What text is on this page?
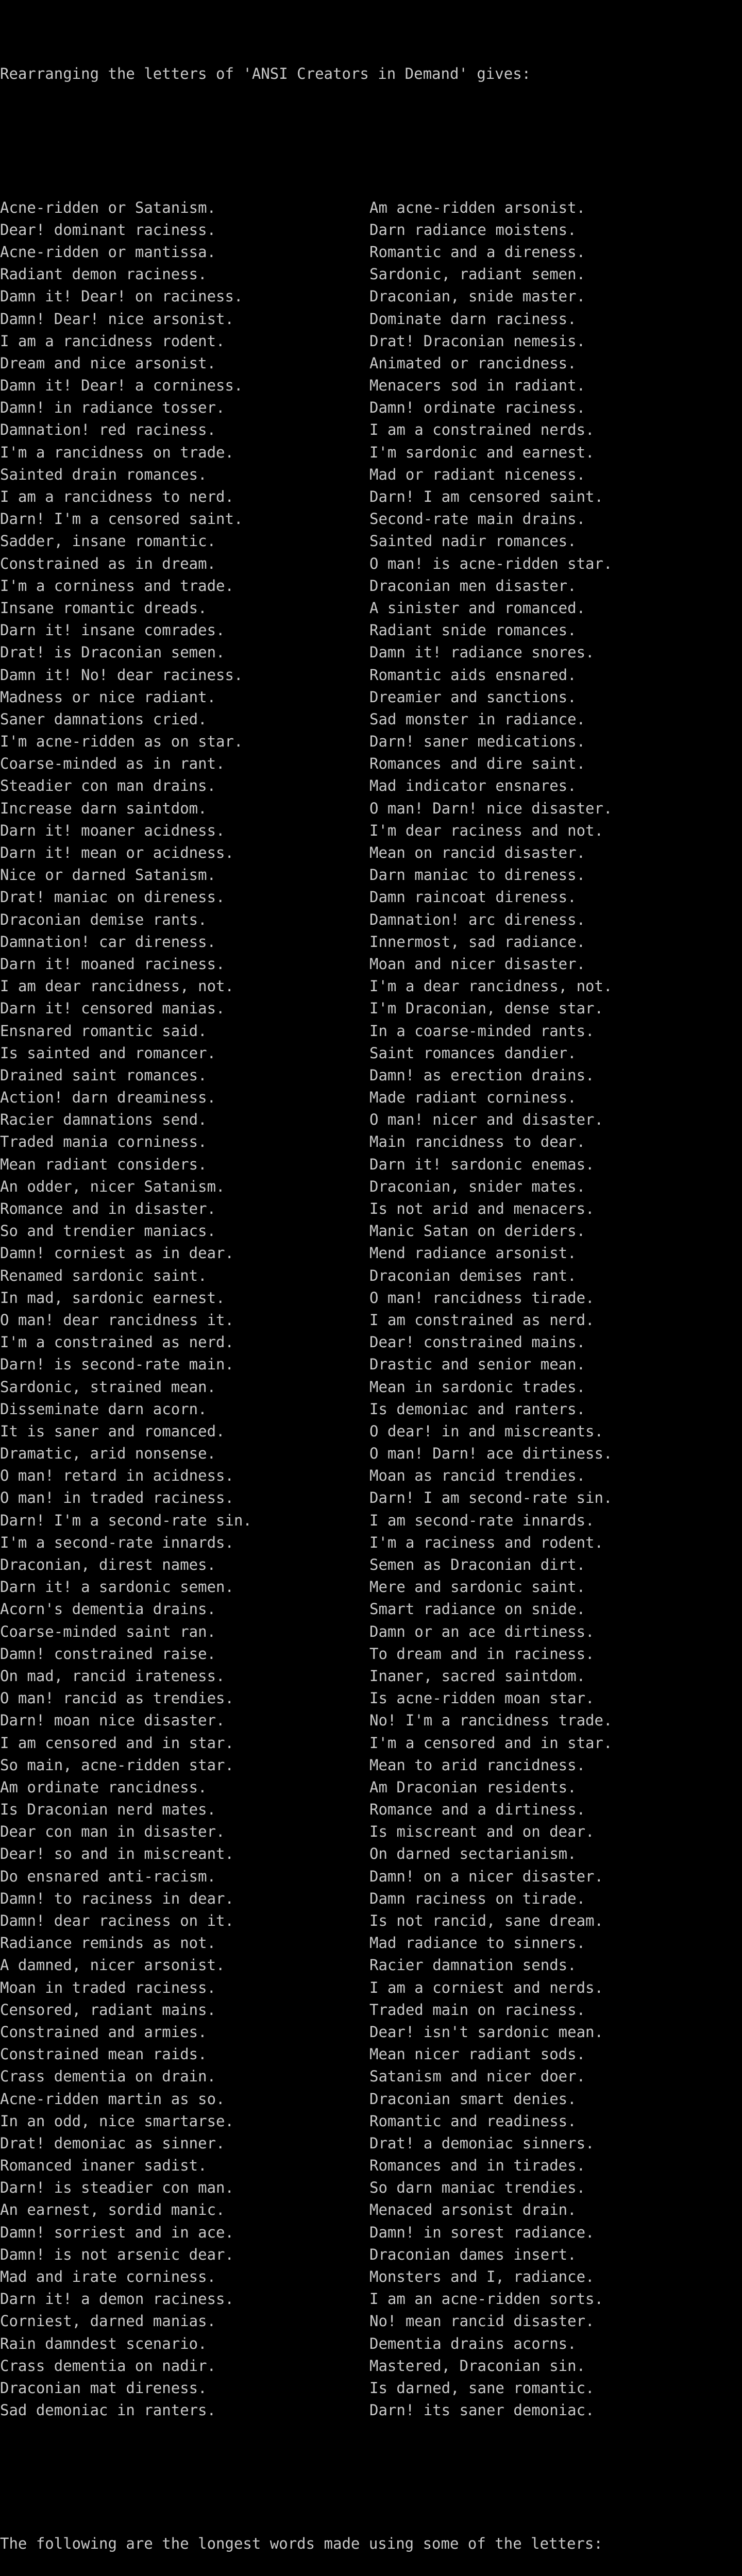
Rearranging the letters of 'ANSI Creators in Demand' gives:

Acne-ridden or Satanism.	Am acne-ridden arsonist.
Dear! dominant raciness.	Darn radiance moistens.
Acne-ridden or mantissa.	Romantic and a direness.
Radiant demon raciness.	Sardonic, radiant semen.
Damn it! Dear! on raciness.	Draconian, snide master.
Damn! Dear! nice arsonist.	Dominate darn raciness.
I am a rancidness rodent.	Drat! Draconian nemesis.
Dream and nice arsonist.	Animated or rancidness.
Damn it! Dear! a corniness.	Menacers sod in radiant.
Damn! in radiance tosser.	Damn! ordinate raciness.
Damnation! red raciness.	I am a constrained nerds.
I'm a rancidness on trade.	I'm sardonic and earnest.
Sainted drain romances.	Mad or radiant niceness.
I am a rancidness to nerd.	Darn! I am censored saint.
Darn! I'm a censored saint.	Second-rate main drains.
Sadder, insane romantic.	Sainted nadir romances.
Constrained as in dream.	O man! is acne-ridden star.
I'm a corniness and trade.	Draconian men disaster.
Insane romantic dreads.	A sinister and romanced.
Darn it! insane comrades.	Radiant snide romances.
Drat! is Draconian semen.	Damn it! radiance snores.
Damn it! No! dear raciness.	Romantic aids ensnared.
Madness or nice radiant.	Dreamier and sanctions.
Saner damnations cried.	Sad monster in radiance.
I'm acne-ridden as on star.	Darn! saner medications.
Coarse-minded as in rant.	Romances and dire saint.
Steadier con man drains.	Mad indicator ensnares.
Increase darn saintdom.	O man! Darn! nice disaster.
Darn it! moaner acidness.	I'm dear raciness and not.
Darn it! mean or acidness.	Mean on rancid disaster.
Nice or darned Satanism.	Darn maniac to direness.
Drat! maniac on direness.	Damn raincoat direness.
Draconian demise rants.	Damnation! arc direness.
Damnation! car direness.	Innermost, sad radiance.
Darn it! moaned raciness.	Moan and nicer disaster.
I am dear rancidness, not.	I'm a dear rancidness, not.
Darn it! censored manias.	I'm Draconian, dense star.
Ensnared romantic said.	In a coarse-minded rants.
Is sainted and romancer.	Saint romances dandier.
Drained saint romances.	Damn! as erection drains.
Action! darn dreaminess.	Made radiant corniness.
Racier damnations send.	O man! nicer and disaster.
Traded mania corniness.	Main rancidness to dear.
Mean radiant considers.	Darn it! sardonic enemas.
An odder, nicer Satanism.	Draconian, snider mates.
Romance and in disaster.	Is not arid and menacers.
So and trendier maniacs.	Manic Satan on deriders.
Damn! corniest as in dear.	Mend radiance arsonist.
Renamed sardonic saint.	Draconian demises rant.
In mad, sardonic earnest.	O man! rancidness tirade.
O man! dear rancidness it.	I am constrained as nerd.
I'm a constrained as nerd.	Dear! constrained mains.
Darn! is second-rate main.	Drastic and senior mean.
Sardonic, strained mean.	Mean in sardonic trades.
Disseminate darn acorn.	Is demoniac and ranters.
It is saner and romanced.	O dear! in and miscreants.
Dramatic, arid nonsense.	O man! Darn! ace dirtiness.
O man! retard in acidness.	Moan as rancid trendies.
O man! in traded raciness.	Darn! I am second-rate sin.
Darn! I'm a second-rate sin.	I am second-rate innards.
I'm a second-rate innards.	I'm a raciness and rodent.
Draconian, direst names.	Semen as Draconian dirt.
Darn it! a sardonic semen.	Mere and sardonic saint.
Acorn's dementia drains.	Smart radiance on snide.
Coarse-minded saint ran.	Damn or an ace dirtiness.
Damn! constrained raise.	To dream and in raciness.
On mad, rancid irateness.	Inaner, sacred saintdom.
O man! rancid as trendies.	Is acne-ridden moan star.
Darn! moan nice disaster.	No! I'm a rancidness trade.
I am censored and in star.	I'm a censored and in star.
So main, acne-ridden star.	Mean to arid rancidness.
Am ordinate rancidness.	Am Draconian residents.
Is Draconian nerd mates.	Romance and a dirtiness.
Dear con man in disaster.	Is miscreant and on dear.
Dear! so and in miscreant.	On darned sectarianism.
Do ensnared anti-racism.	Damn! on a nicer disaster.
Damn! to raciness in dear.	Damn raciness on tirade.
Damn! dear raciness on it.	Is not rancid, sane dream.
Radiance reminds as not.	Mad radiance to sinners.
A damned, nicer arsonist.	Racier damnation sends.
Moan in traded raciness.	I am a corniest and nerds.
Censored, radiant mains.	Traded main on raciness.
Constrained and armies.	Dear! isn't sardonic mean.
Constrained mean raids.	Mean nicer radiant sods.
Crass dementia on drain.	Satanism and nicer doer.
Acne-ridden martin as so.	Draconian smart denies.
In an odd, nice smartarse.	Romantic and readiness.
Drat! demoniac as sinner.	Drat! a demoniac sinners.
Romanced inaner sadist.	Romances and in tirades.
Darn! is steadier con man.	So darn maniac trendies.
An earnest, sordid manic.	Menaced arsonist drain.
Damn! sorriest and in ace.	Damn! in sorest radiance.
Damn! is not arsenic dear.	Draconian dames insert.
Mad and irate corniness.	Monsters and I, radiance.
Darn it! a demon raciness.	I am an acne-ridden sorts.
Corniest, darned manias.	No! mean rancid disaster.
Rain damndest scenario.	Dementia drains acorns.
Crass dementia on nadir.	Mastered, Draconian sin.
Draconian mat direness.	Is darned, sane romantic.
Sad demoniac in ranters.	Darn! its saner demoniac.

The following are the longest words made using some of the letters:
